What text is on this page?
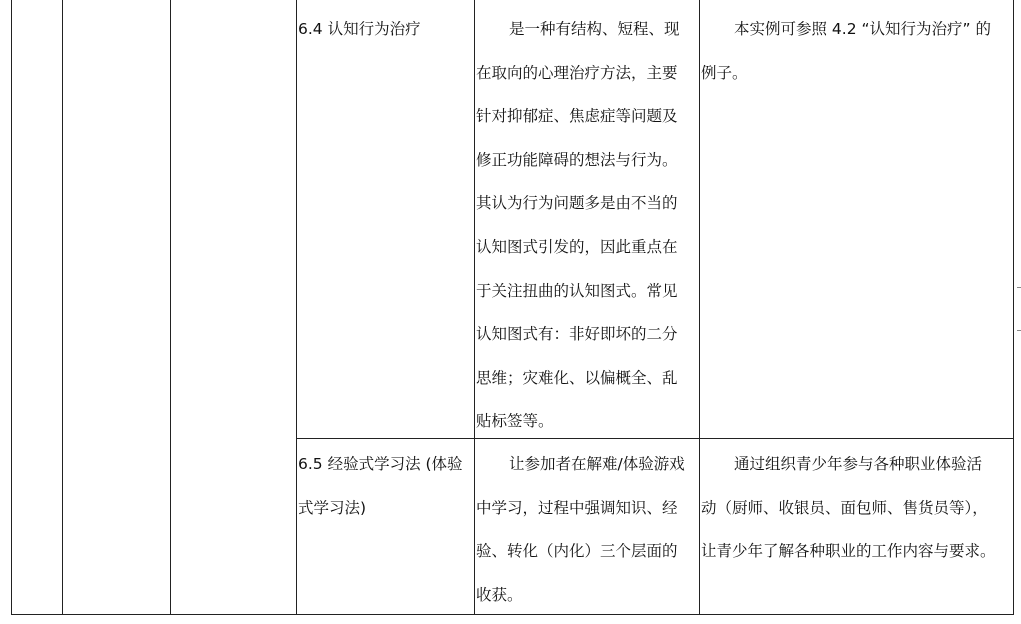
6.4 认知行为治疗	是一种有结构、短程、现
在取向的心理治疗方法，主要
针对抑郁症、焦虑症等问题及
修正功能障碍的想法与行为。
其认为行为问题多是由不当的
认知图式引发的，因此重点在
于关注扭曲的认知图式。常见
认知图式有：非好即坏的二分
思维；灾难化、以偏概全、乱
贴标签等。
本实例可参照 4.2 “认知行为治疗” 的
例子。
6.5 经验式学习法 (体验
式学习法)
让参加者在解难/体验游戏
中学习，过程中强调知识、经
验、转化（内化）三个层面的
收获。
通过组织青少年参与各种职业体验活
动（厨师、收银员、面包师、售货员等），
让青少年了解各种职业的工作内容与要求。
